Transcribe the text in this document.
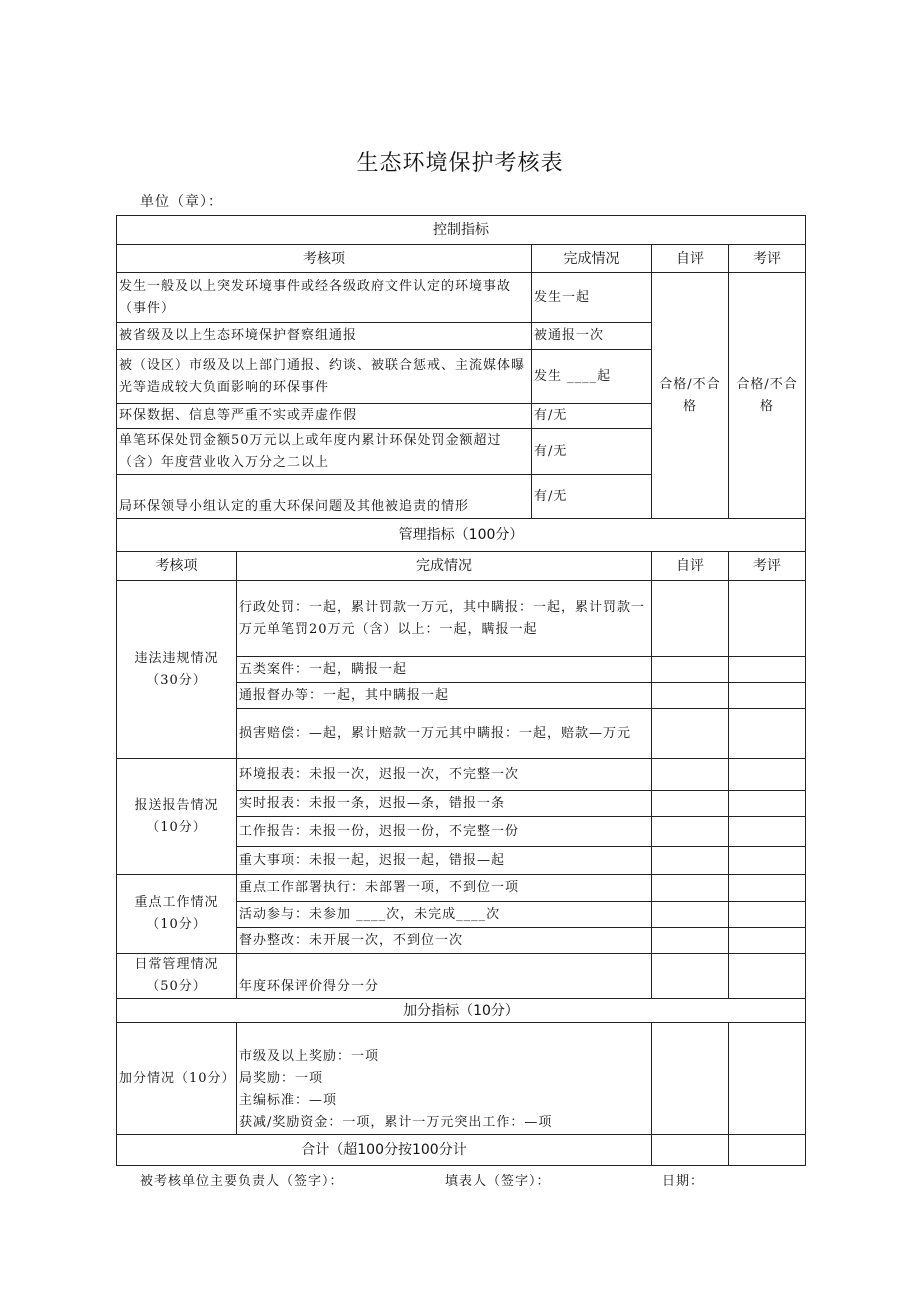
生态环境保护考核表
单位（章）：
控制指标				
考核项		完成情况	自评	考评
发生一般及以上突发环境事件或经各级政府文件认定的环境事故（事件）		发生一起	合格/不合格	合格/不合格
被省级及以上生态环境保护督察组通报		被通报一次		
被（设区）市级及以上部门通报、约谈、被联合惩戒、主流媒体曝光等造成较大负面影响的环保事件		发生 ____起		
环保数据、信息等严重不实或弄虚作假		有/无		
单笔环保处罚金额50万元以上或年度内累计环保处罚金额超过（含）年度营业收入万分之二以上		有/无		
局环保领导小组认定的重大环保问题及其他被追责的情形		有/无		
管理指标（100分）				
考核项	完成情况		自评	考评
违法违规情况（30分）	行政处罚：一起，累计罚款一万元，其中瞒报：一起，累计罚款一万元单笔罚20万元（含）以上：一起，瞒报一起			
	五类案件：一起，瞒报一起			
	通报督办等：一起，其中瞒报一起			
	损害赔偿：—起，累计赔款一万元其中瞒报：一起，赔款—万元			
报送报告情况（10分）	环境报表：未报一次，迟报一次，不完整一次			
	实时报表：未报一条，迟报—条，错报一条			
	工作报告：未报一份，迟报一份，不完整一份			
	重大事项：未报一起，迟报一起，错报—起			
重点工作情况（10分）	重点工作部署执行：未部署一项，不到位一项			
	活动参与：未参加 ____次，未完成____次			
	督办整改：未开展一次，不到位一次			
日常管理情况（50分）	年度环保评价得分一分			
加分指标（10分）				
加分情况（10分）	市级及以上奖励：一项
局奖励：一项
主编标准：—项
获减/奖励资金：一项，累计一万元突出工作：—项			

合计（超100分按100分计				
被考核单位主要负责人（签字）：	填表人（签字）：	日期：
